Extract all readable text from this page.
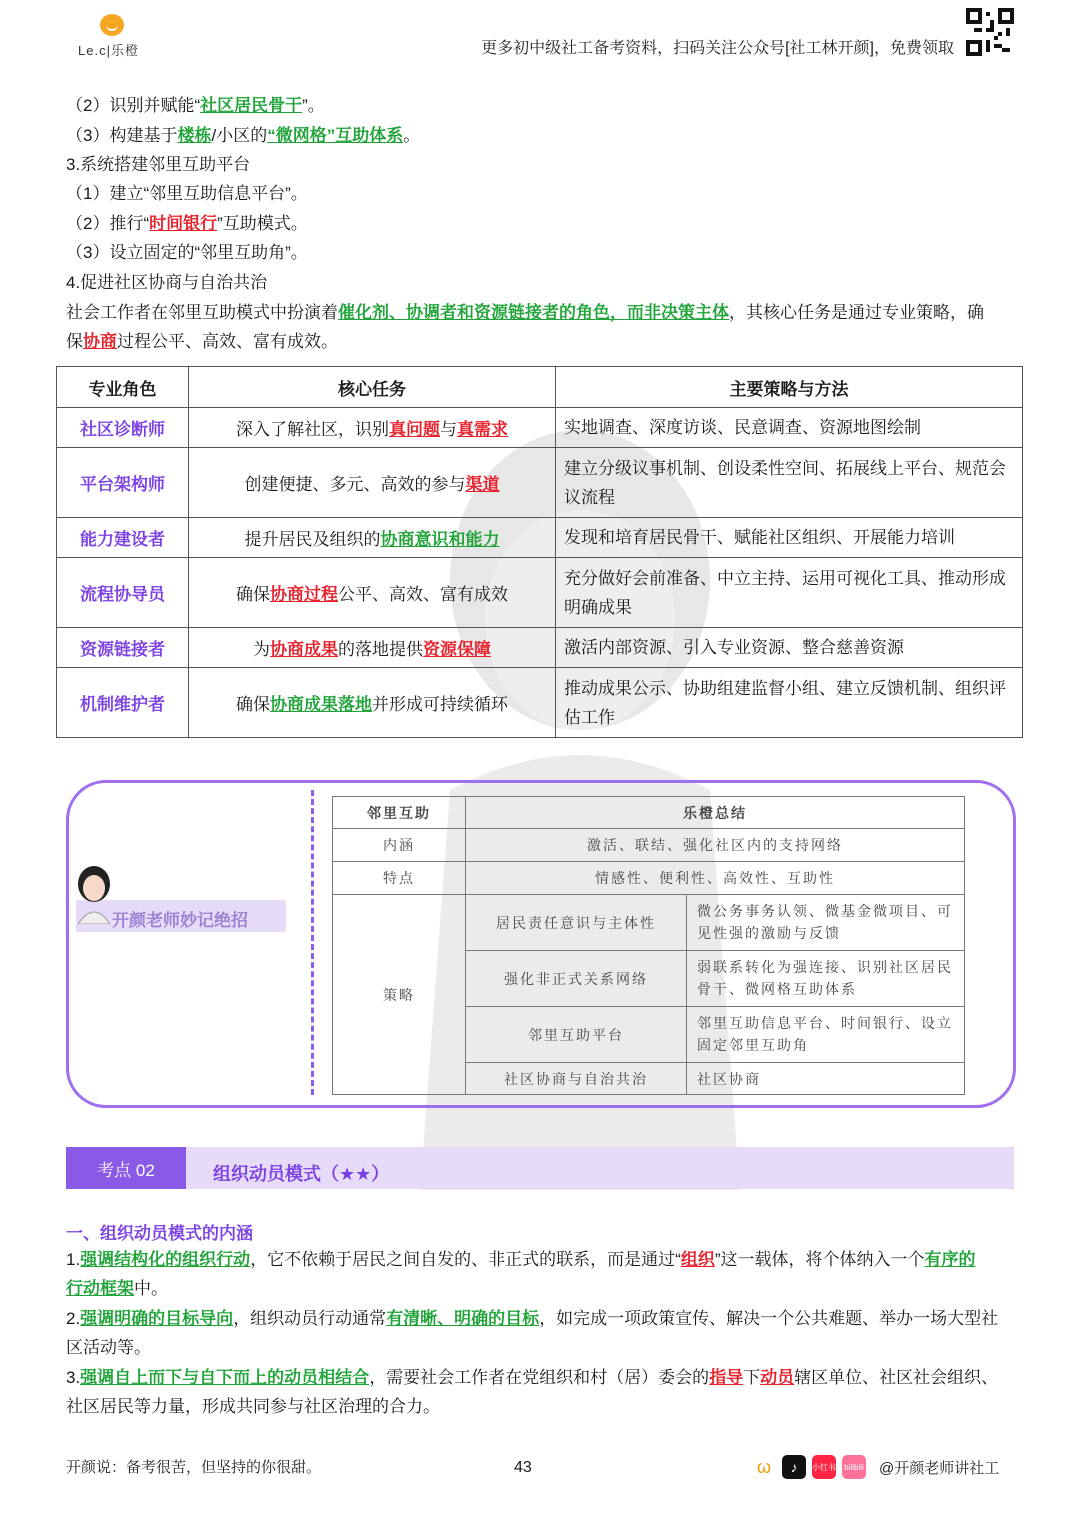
Le.c|乐橙	更多初中级社工备考资料，扫码关注公众号[社工林开颜]，免费领取
（2）识别并赋能“社区居民骨干”。
（3）构建基于楼栋/小区的“微网格”互助体系。
3.系统搭建邻里互助平台
（1）建立“邻里互助信息平台”。
（2）推行“时间银行”互助模式。
（3）设立固定的“邻里互助角”。
4.促进社区协商与自治共治
社会工作者在邻里互助模式中扮演着催化剂、协调者和资源链接者的角色，而非决策主体，其核心任务是通过专业策略，确
保协商过程公平、高效、富有成效。
专业角色	核心任务	主要策略与方法
社区诊断师	深入了解社区，识别真问题与真需求	实地调查、深度访谈、民意调查、资源地图绘制
平台架构师	创建便捷、多元、高效的参与渠道	建立分级议事机制、创设柔性空间、拓展线上平台、规范会议流程
能力建设者	提升居民及组织的协商意识和能力	发现和培育居民骨干、赋能社区组织、开展能力培训
流程协导员	确保协商过程公平、高效、富有成效	充分做好会前准备、中立主持、运用可视化工具、推动形成明确成果
资源链接者	为协商成果的落地提供资源保障	激活内部资源、引入专业资源、整合慈善资源
机制维护者	确保协商成果落地并形成可持续循环	推动成果公示、协助组建监督小组、建立反馈机制、组织评估工作
开颜老师妙记绝招
邻里互助	乐橙总结	
内涵	激活、联结、强化社区内的支持网络	
特点	情感性、便利性、高效性、互助性	
策略	居民责任意识与主体性	微公务事务认领、微基金微项目、可见性强的激励与反馈
	强化非正式关系网络	弱联系转化为强连接、识别社区居民骨干、微网格互助体系
	邻里互助平台	邻里互助信息平台、时间银行、设立固定邻里互助角
	社区协商与自治共治	社区协商
考点 02	组织动员模式（★★）
一、组织动员模式的内涵
1.强调结构化的组织行动，它不依赖于居民之间自发的、非正式的联系，而是通过“组织”这一载体，将个体纳入一个有序的
行动框架中。
2.强调明确的目标导向，组织动员行动通常有清晰、明确的目标，如完成一项政策宣传、解决一个公共难题、举办一场大型社
区活动等。
3.强调自上而下与自下而上的动员相结合，需要社会工作者在党组织和村（居）委会的指导下动员辖区单位、社区社会组织、
社区居民等力量，形成共同参与社区治理的合力。
开颜说：备考很苦，但坚持的你很甜。	43	ω	♪	小红书 bilibili @开颜老师讲社工
